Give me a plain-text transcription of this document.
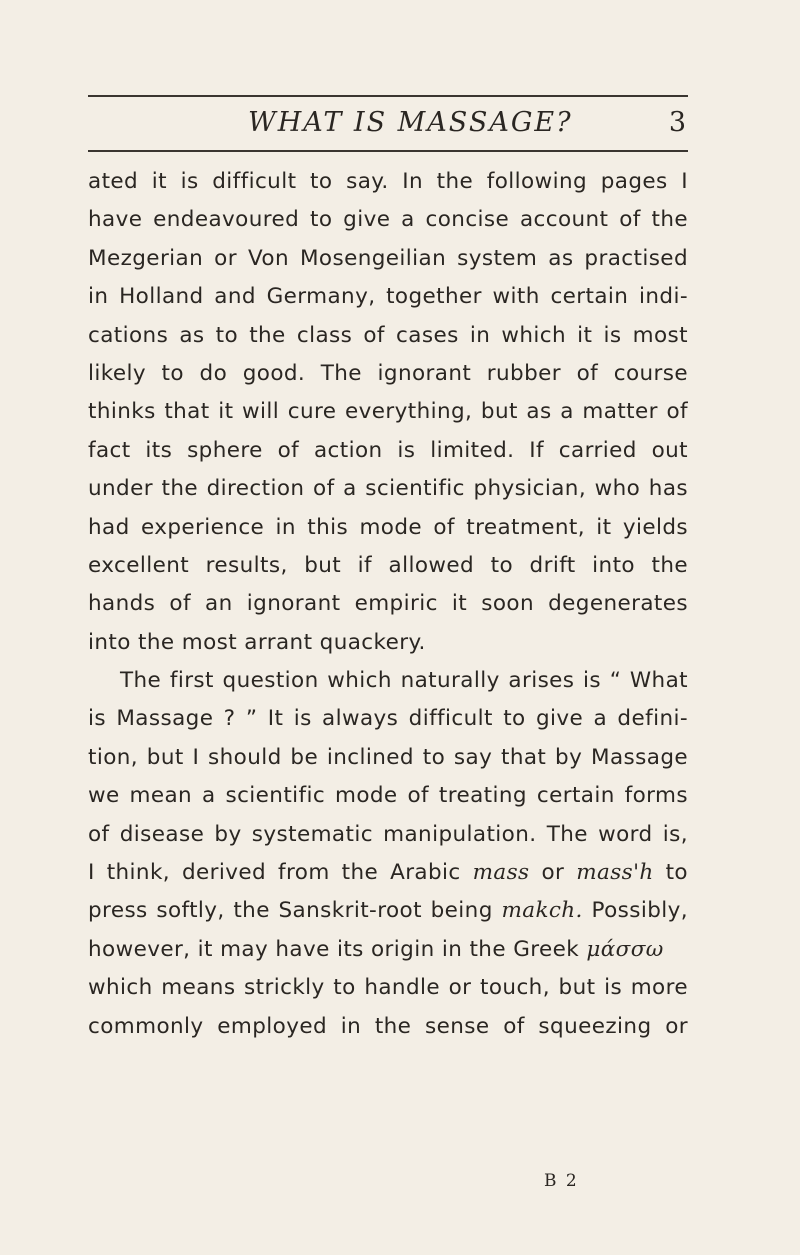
WHAT IS MASSAGE?	3
ated it is difficult to say. In the following pages I
have endeavoured to give a concise account of the
Mezgerian or Von Mosengeilian system as practised
in Holland and Germany, together with certain indi-
cations as to the class of cases in which it is most
likely to do good. The ignorant rubber of course
thinks that it will cure everything, but as a matter of
fact its sphere of action is limited. If carried out
under the direction of a scientific physician, who has
had experience in this mode of treatment, it yields
excellent results, but if allowed to drift into the
hands of an ignorant empiric it soon degenerates
into the most arrant quackery.
The first question which naturally arises is “ What
is Massage ? ” It is always difficult to give a defini-
tion, but I should be inclined to say that by Massage
we mean a scientific mode of treating certain forms
of disease by systematic manipulation. The word is,
I think, derived from the Arabic mass or mass'h to
press softly, the Sanskrit-root being makch. Possibly,
however, it may have its origin in the Greek μάσσω
which means strickly to handle or touch, but is more
commonly employed in the sense of squeezing or
B 2
